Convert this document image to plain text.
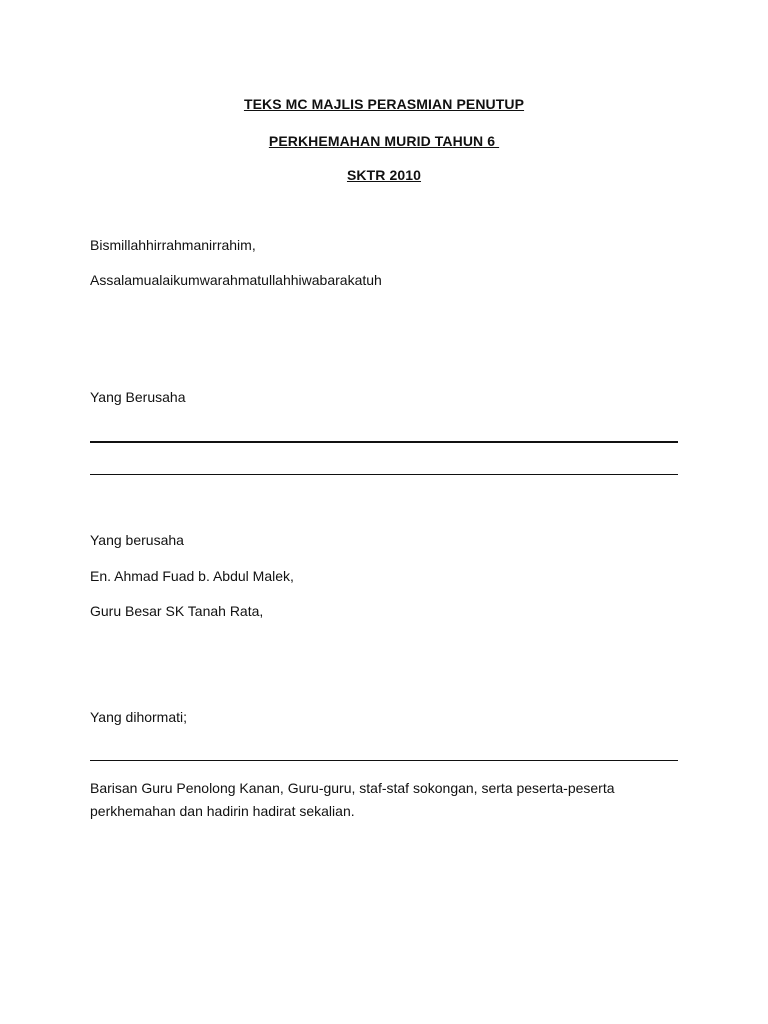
TEKS MC MAJLIS PERASMIAN PENUTUP
PERKHEMAHAN MURID TAHUN 6
SKTR 2010
Bismillahhirrahmanirrahim,
Assalamualaikumwarahmatullahhiwabarakatuh
Yang Berusaha
Yang berusaha
En. Ahmad Fuad b. Abdul Malek,
Guru Besar SK Tanah Rata,
Yang dihormati;
Barisan Guru Penolong Kanan, Guru-guru, staf-staf sokongan, serta peserta-peserta perkhemahan dan hadirin hadirat sekalian.
